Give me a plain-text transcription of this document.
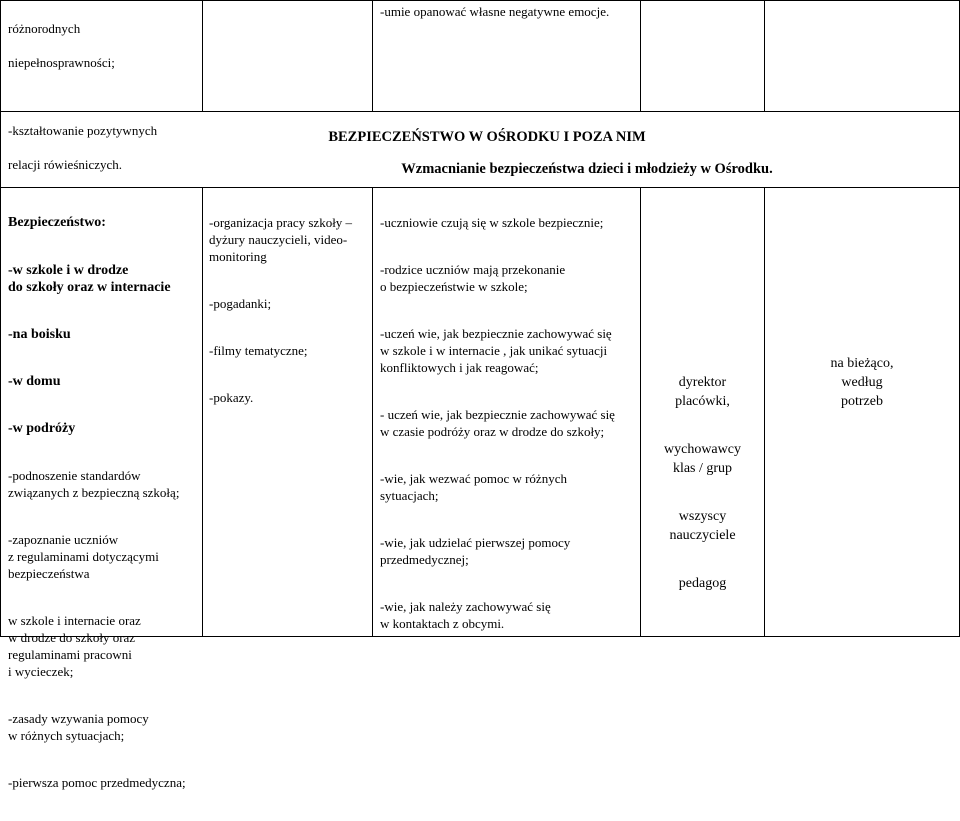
różnorodnych

niepełnosprawności;

-kształtowanie pozytywnych

relacji rówieśniczych.

-umie opanować własne negatywne emocje.
BEZPIECZEŃSTWO W OŚRODKU I POZA NIM
Wzmacnianie bezpieczeństwa dzieci i młodzieży w Ośrodku.

Bezpieczeństwo:

-w szkole i w drodze
do szkoły oraz w internacie

-na boisku

-w domu

-w podróży

-podnoszenie standardów
związanych z bezpieczną szkołą;

-zapoznanie uczniów
z regulaminami dotyczącymi
bezpieczeństwa

w szkole i internacie oraz
w drodze do szkoły oraz
regulaminami pracowni
i wycieczek;

-zasady wzywania pomocy
w różnych sytuacjach;

-pierwsza pomoc przedmedyczna;

-organizacja pracy szkoły –
dyżury nauczycieli, video-
monitoring

-pogadanki;

-filmy tematyczne;

-pokazy.

-uczniowie czują się w szkole bezpiecznie;

-rodzice uczniów mają przekonanie
o bezpieczeństwie w szkole;

-uczeń wie, jak bezpiecznie zachowywać się
w szkole i w internacie , jak unikać sytuacji
konfliktowych i jak reagować;

- uczeń wie, jak bezpiecznie zachowywać się
w czasie podróży oraz w drodze do szkoły;

-wie, jak wezwać pomoc w różnych
sytuacjach;

-wie, jak udzielać pierwszej pomocy
przedmedycznej;

-wie, jak należy zachowywać się
w kontaktach z obcymi.

dyrektor
placówki,

wychowawcy
klas / grup

wszyscy
nauczyciele

pedagog

na bieżąco,
według
potrzeb
